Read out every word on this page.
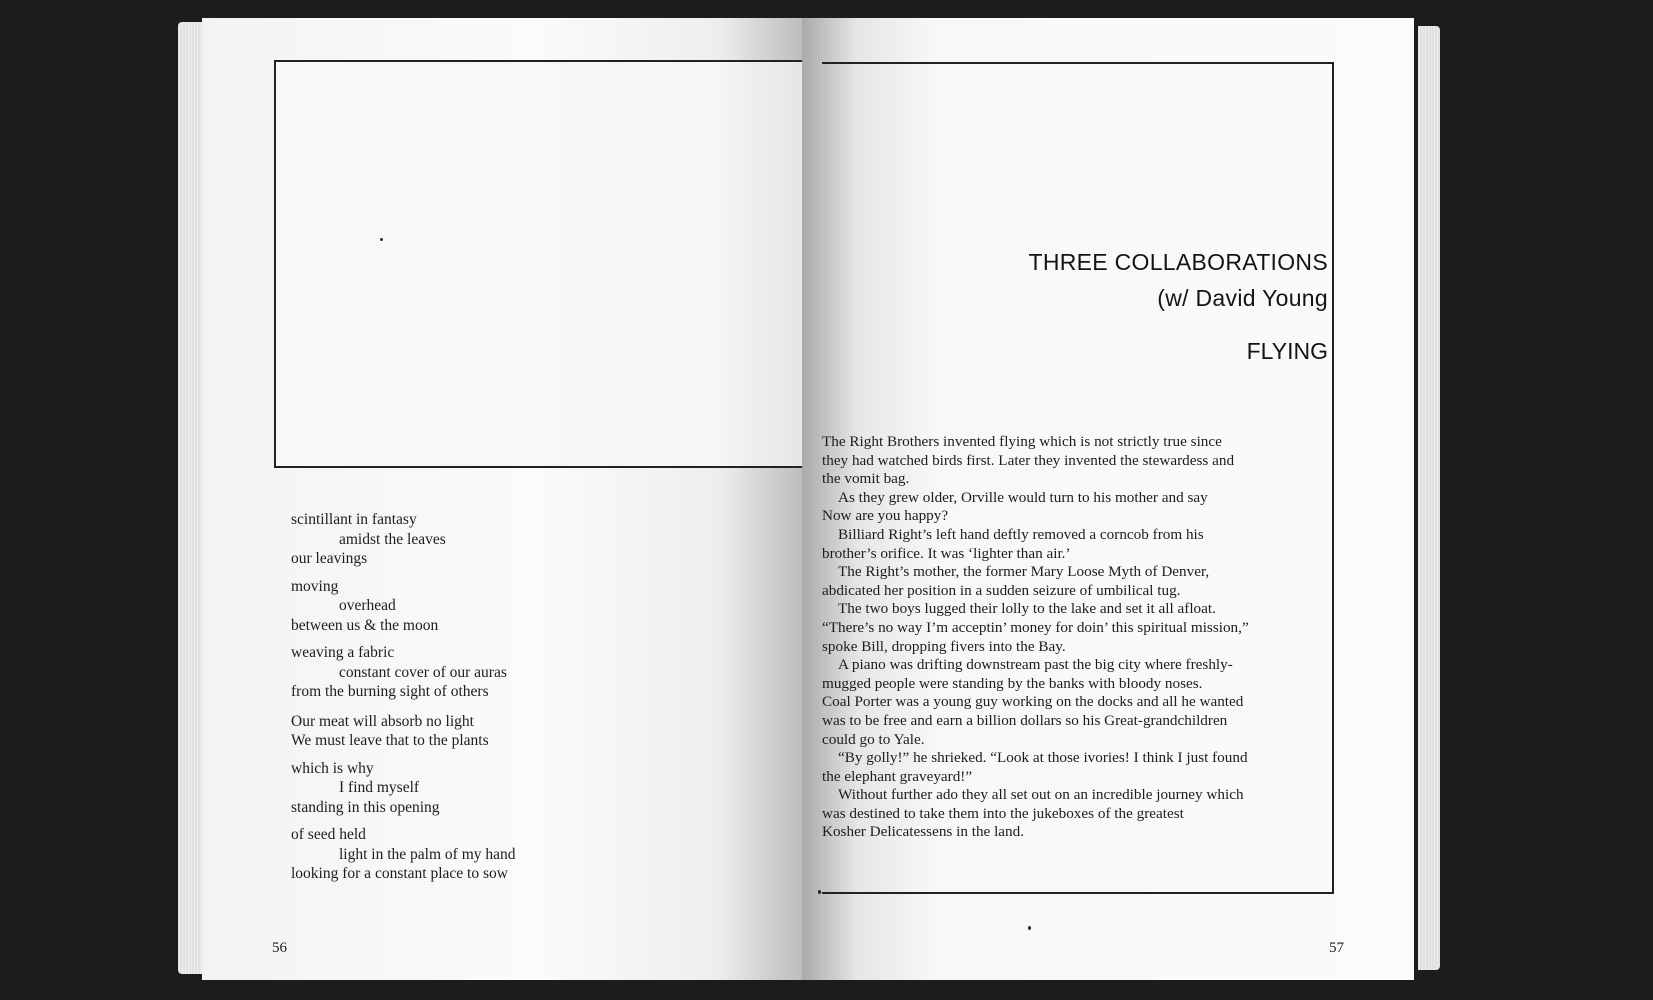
scintillant in fantasy
amidst the leaves
our leavings
moving
overhead
between us & the moon
weaving a fabric
constant cover of our auras
from the burning sight of others
Our meat will absorb no light
We must leave that to the plants
which is why
I find myself
standing in this opening
of seed held
light in the palm of my hand
looking for a constant place to sow
56
THREE COLLABORATIONS
(w/ David Young
FLYING

The Right Brothers invented flying which is not strictly true since

they had watched birds first. Later they invented the stewardess and

the vomit bag.

As they grew older, Orville would turn to his mother and say

Now are you happy?

Billiard Right’s left hand deftly removed a corncob from his

brother’s orifice. It was ‘lighter than air.’

The Right’s mother, the former Mary Loose Myth of Denver,

abdicated her position in a sudden seizure of umbilical tug.

The two boys lugged their lolly to the lake and set it all afloat.

“There’s no way I’m acceptin’ money for doin’ this spiritual mission,”

spoke Bill, dropping fivers into the Bay.

A piano was drifting downstream past the big city where freshly-

mugged people were standing by the banks with bloody noses.

Coal Porter was a young guy working on the docks and all he wanted

was to be free and earn a billion dollars so his Great-grandchildren

could go to Yale.

“By golly!” he shrieked. “Look at those ivories! I think I just found

the elephant graveyard!”

Without further ado they all set out on an incredible journey which

was destined to take them into the jukeboxes of the greatest

Kosher Delicatessens in the land.

57
